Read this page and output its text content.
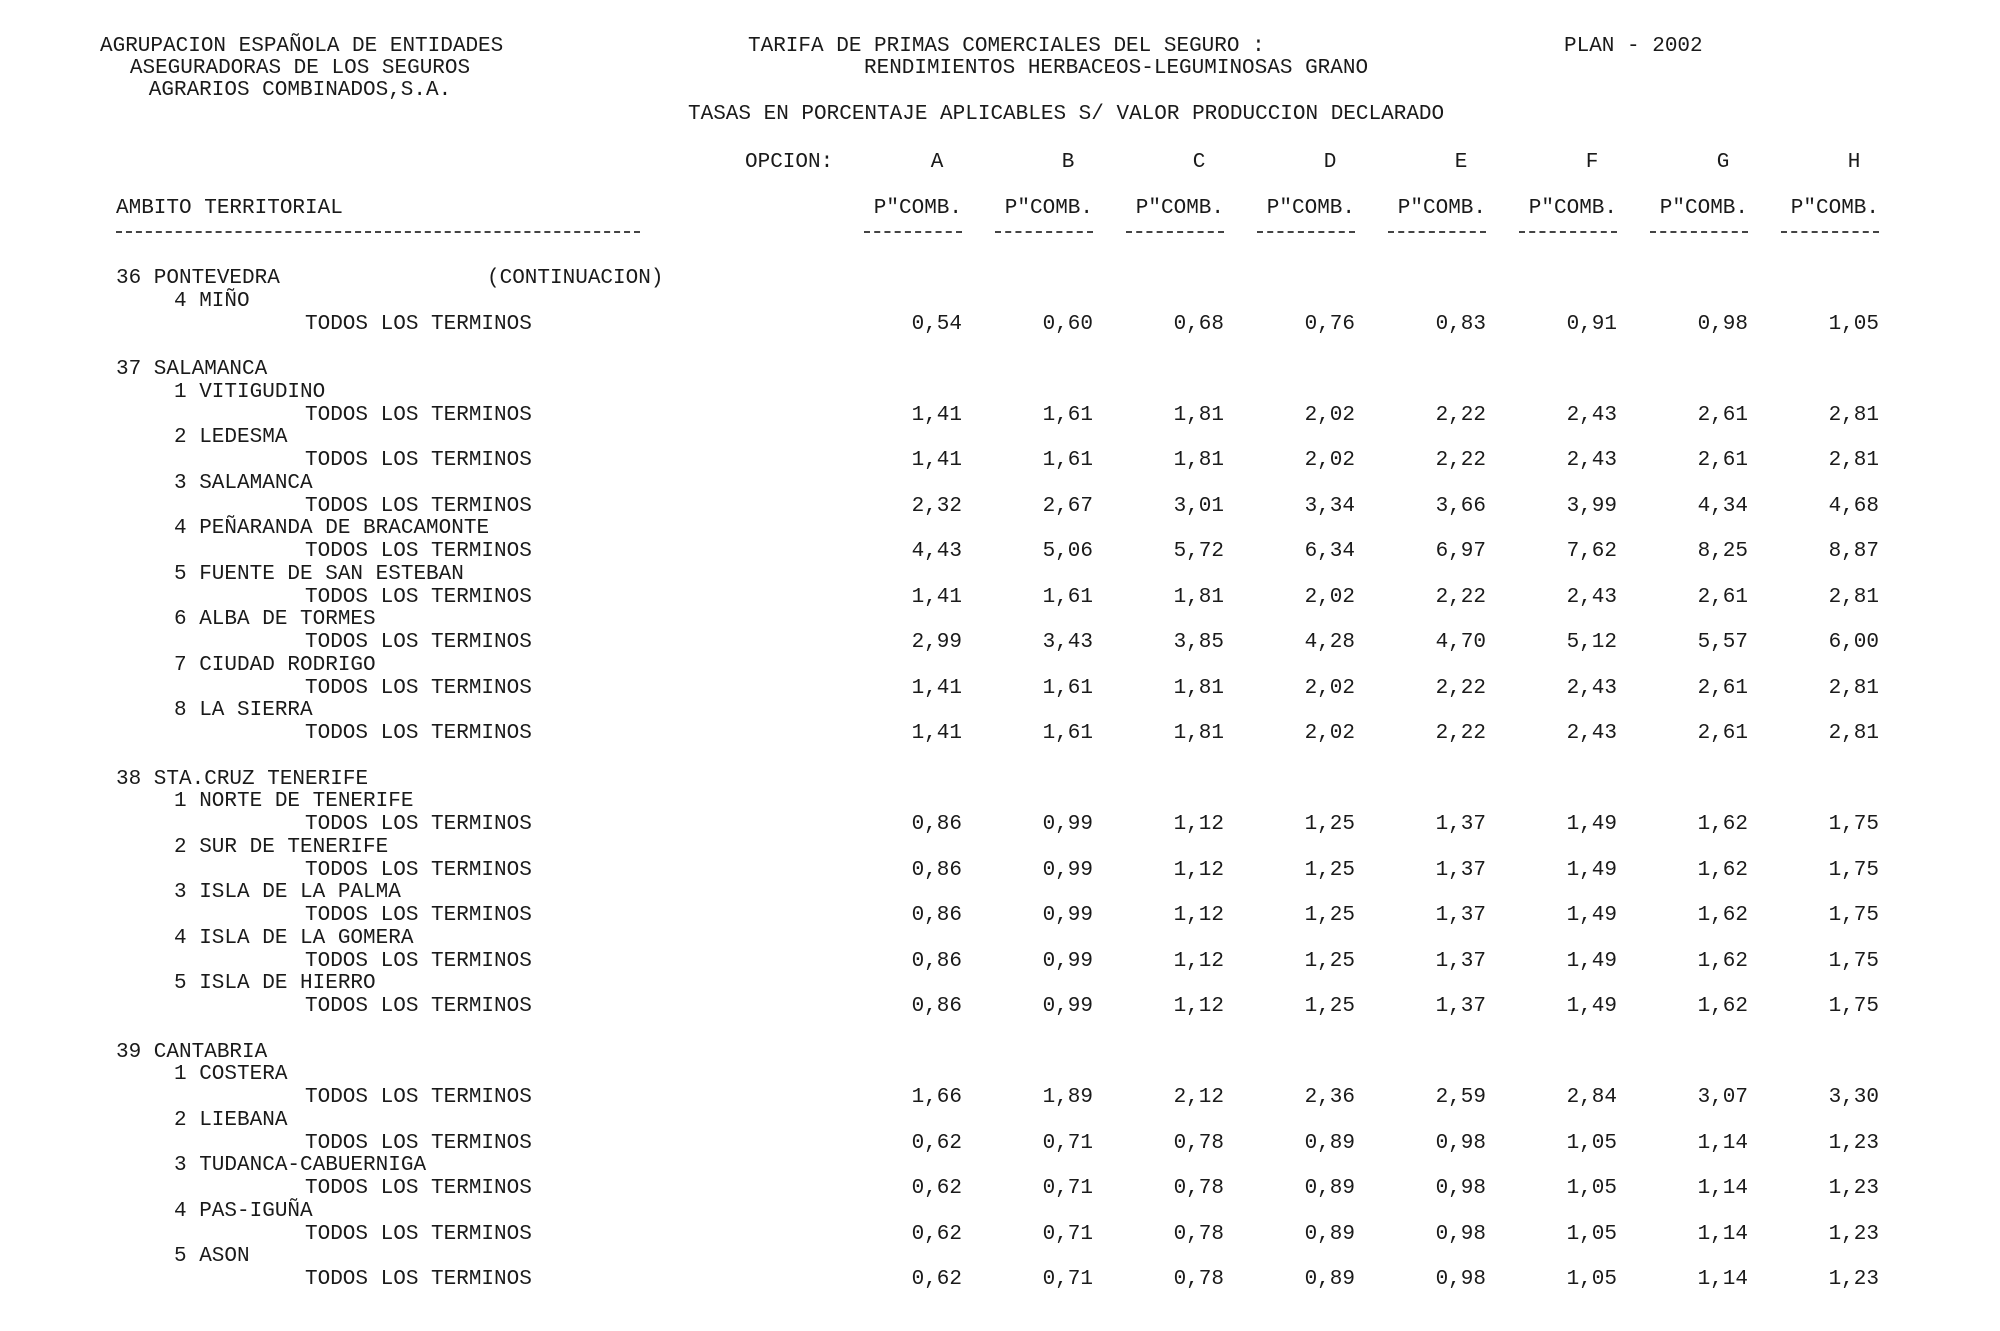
AGRUPACION ESPAÑOLA DE ENTIDADES
ASEGURADORAS DE LOS SEGUROS
AGRARIOS COMBINADOS,S.A.
TARIFA DE PRIMAS COMERCIALES DEL SEGURO :
RENDIMIENTOS HERBACEOS-LEGUMINOSAS GRANO
PLAN - 2002
TASAS EN PORCENTAJE APLICABLES S/ VALOR PRODUCCION DECLARADO
OPCION:	A	B	C	D	E	F	G	H
AMBITO TERRITORIAL	P"COMB.	P"COMB.	P"COMB.	P"COMB.	P"COMB.	P"COMB.	P"COMB.	P"COMB.
36 PONTEVEDRA
4 MIÑO
TODOS LOS TERMINOS	0,54	0,60	0,68	0,76	0,83	0,91	0,98	1,05
37 SALAMANCA
1 VITIGUDINO
TODOS LOS TERMINOS	1,41	1,61	1,81	2,02	2,22	2,43	2,61	2,81
2 LEDESMA
TODOS LOS TERMINOS	1,41	1,61	1,81	2,02	2,22	2,43	2,61	2,81
3 SALAMANCA
TODOS LOS TERMINOS	2,32	2,67	3,01	3,34	3,66	3,99	4,34	4,68
4 PEÑARANDA DE BRACAMONTE
TODOS LOS TERMINOS	4,43	5,06	5,72	6,34	6,97	7,62	8,25	8,87
5 FUENTE DE SAN ESTEBAN
TODOS LOS TERMINOS	1,41	1,61	1,81	2,02	2,22	2,43	2,61	2,81
6 ALBA DE TORMES
TODOS LOS TERMINOS	2,99	3,43	3,85	4,28	4,70	5,12	5,57	6,00
7 CIUDAD RODRIGO
TODOS LOS TERMINOS	1,41	1,61	1,81	2,02	2,22	2,43	2,61	2,81
8 LA SIERRA
TODOS LOS TERMINOS	1,41	1,61	1,81	2,02	2,22	2,43	2,61	2,81
38 STA.CRUZ TENERIFE
1 NORTE DE TENERIFE
TODOS LOS TERMINOS	0,86	0,99	1,12	1,25	1,37	1,49	1,62	1,75
2 SUR DE TENERIFE
TODOS LOS TERMINOS	0,86	0,99	1,12	1,25	1,37	1,49	1,62	1,75
3 ISLA DE LA PALMA
TODOS LOS TERMINOS	0,86	0,99	1,12	1,25	1,37	1,49	1,62	1,75
4 ISLA DE LA GOMERA
TODOS LOS TERMINOS	0,86	0,99	1,12	1,25	1,37	1,49	1,62	1,75
5 ISLA DE HIERRO
TODOS LOS TERMINOS	0,86	0,99	1,12	1,25	1,37	1,49	1,62	1,75
39 CANTABRIA
1 COSTERA
TODOS LOS TERMINOS	1,66	1,89	2,12	2,36	2,59	2,84	3,07	3,30
2 LIEBANA
TODOS LOS TERMINOS	0,62	0,71	0,78	0,89	0,98	1,05	1,14	1,23
3 TUDANCA-CABUERNIGA
TODOS LOS TERMINOS	0,62	0,71	0,78	0,89	0,98	1,05	1,14	1,23
4 PAS-IGUÑA
TODOS LOS TERMINOS	0,62	0,71	0,78	0,89	0,98	1,05	1,14	1,23
5 ASON
TODOS LOS TERMINOS	0,62	0,71	0,78	0,89	0,98	1,05	1,14	1,23
(CONTINUACION)
